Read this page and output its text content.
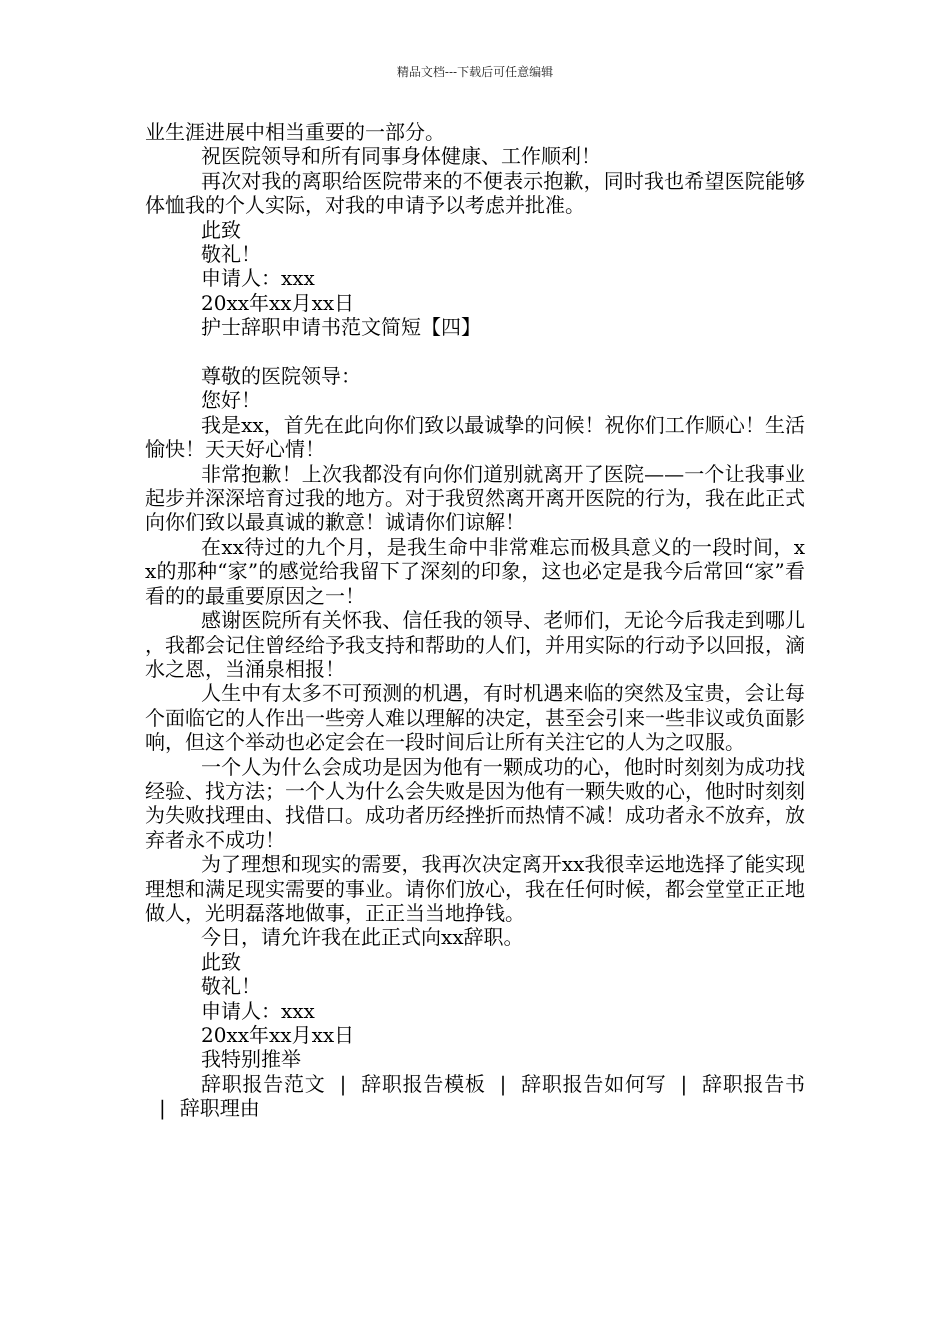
精品文档---下载后可任意编辑

业生涯进展中相当重要的一部分。

祝医院领导和所有同事身体健康、工作顺利！

再次对我的离职给医院带来的不便表示抱歉，同时我也希望医院能够体恤我的个人实际，对我的申请予以考虑并批准。

此致

敬礼！

申请人：xxx

20xx年xx月xx日

护士辞职申请书范文简短【四】

尊敬的医院领导：

您好！

我是xx，首先在此向你们致以最诚挚的问候！祝你们工作顺心！生活愉快！天天好心情！

非常抱歉！上次我都没有向你们道别就离开了医院——一个让我事业起步并深深培育过我的地方。对于我贸然离开离开医院的行为，我在此正式向你们致以最真诚的歉意！诚请你们谅解！

在xx待过的九个月，是我生命中非常难忘而极具意义的一段时间，xx的那种“家”的感觉给我留下了深刻的印象，这也必定是我今后常回“家”看看的的最重要原因之一！

感谢医院所有关怀我、信任我的领导、老师们，无论今后我走到哪儿，我都会记住曾经给予我支持和帮助的人们，并用实际的行动予以回报，滴水之恩，当涌泉相报！

人生中有太多不可预测的机遇，有时机遇来临的突然及宝贵，会让每个面临它的人作出一些旁人难以理解的决定，甚至会引来一些非议或负面影响，但这个举动也必定会在一段时间后让所有关注它的人为之叹服。

一个人为什么会成功是因为他有一颗成功的心，他时时刻刻为成功找经验、找方法；一个人为什么会失败是因为他有一颗失败的心，他时时刻刻为失败找理由、找借口。成功者历经挫折而热情不减！成功者永不放弃，放弃者永不成功！

为了理想和现实的需要，我再次决定离开xx我很幸运地选择了能实现理想和满足现实需要的事业。请你们放心，我在任何时候，都会堂堂正正地做人，光明磊落地做事，正正当当地挣钱。

今日，请允许我在此正式向xx辞职。

此致

敬礼！

申请人：xxx

20xx年xx月xx日

我特别推举

辞职报告范文 | 辞职报告模板 | 辞职报告如何写 | 辞职报告书| 辞职理由
